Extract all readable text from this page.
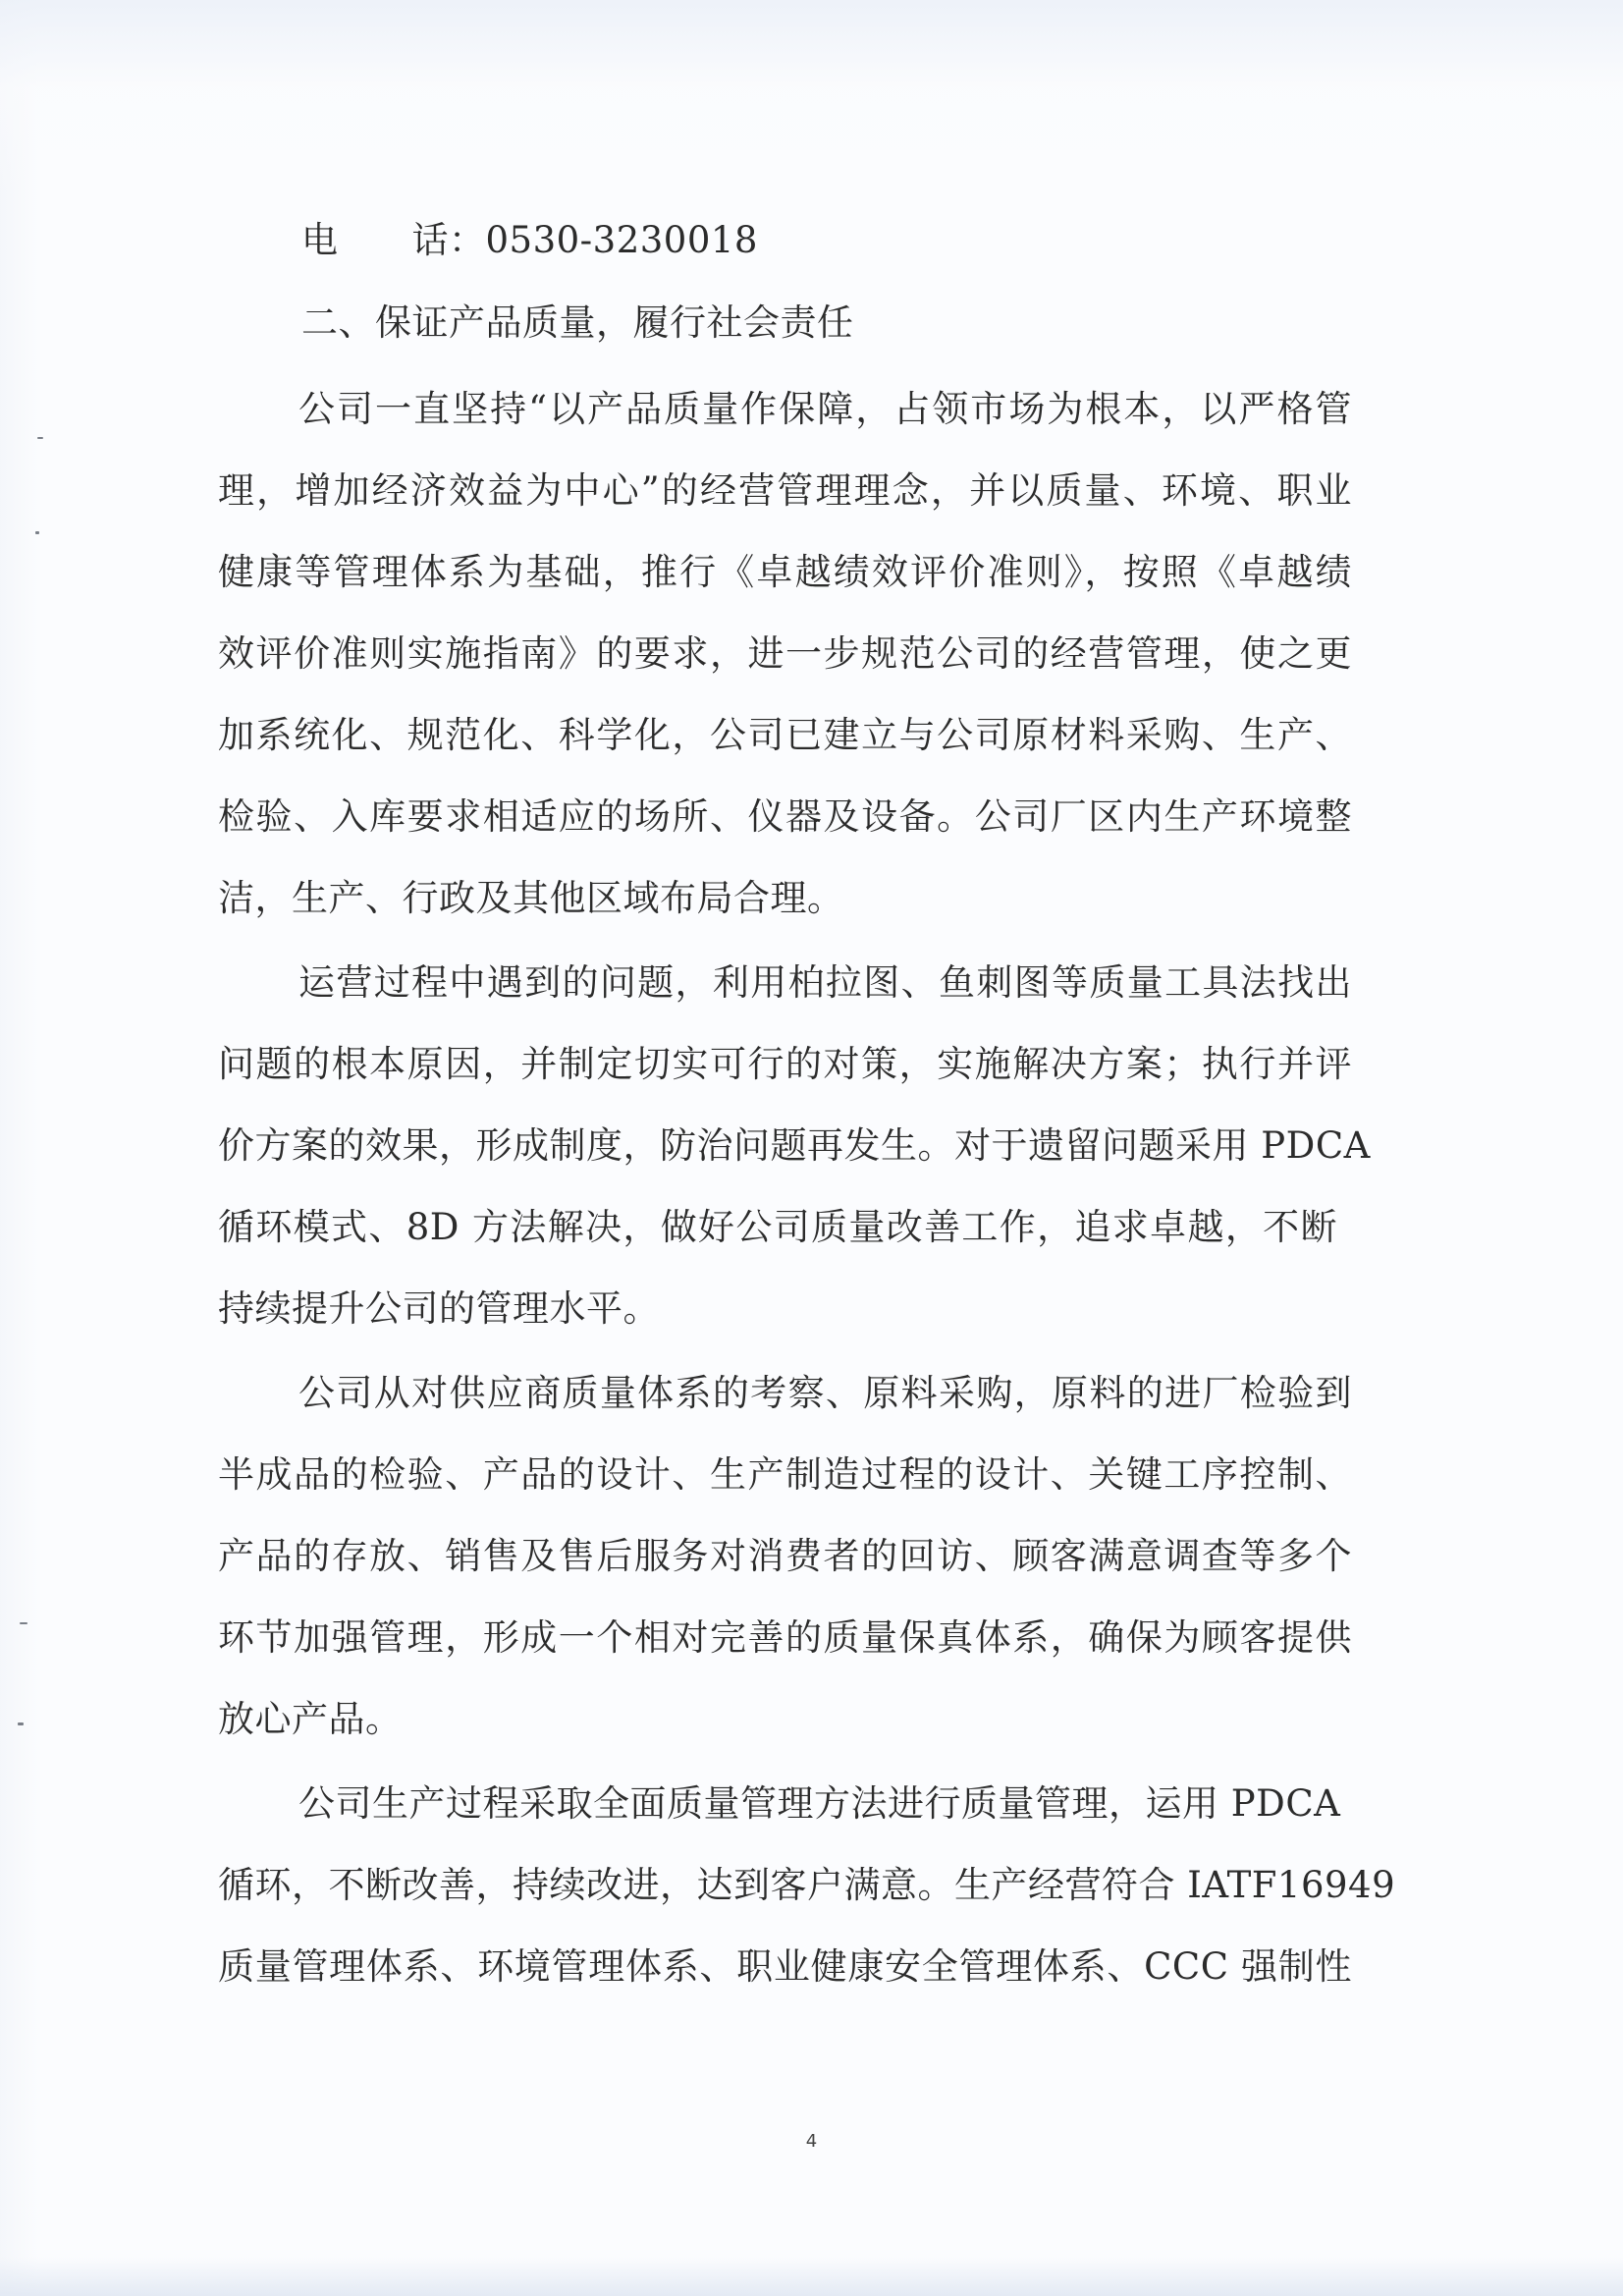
电　　话：0530-3230018
二、保证产品质量，履行社会责任
公司一直坚持“以产品质量作保障，占领市场为根本，以严格管
理，增加经济效益为中心”的经营管理理念，并以质量、环境、职业
健康等管理体系为基础，推行《卓越绩效评价准则》，按照《卓越绩
效评价准则实施指南》的要求，进一步规范公司的经营管理，使之更
加系统化、规范化、科学化，公司已建立与公司原材料采购、生产、
检验、入库要求相适应的场所、仪器及设备。公司厂区内生产环境整
洁，生产、行政及其他区域布局合理。
运营过程中遇到的问题，利用柏拉图、鱼刺图等质量工具法找出
问题的根本原因，并制定切实可行的对策，实施解决方案；执行并评
价方案的效果，形成制度，防治问题再发生。对于遗留问题采用 PDCA
循环模式、8D 方法解决，做好公司质量改善工作，追求卓越，不断
持续提升公司的管理水平。
公司从对供应商质量体系的考察、原料采购，原料的进厂检验到
半成品的检验、产品的设计、生产制造过程的设计、关键工序控制、
产品的存放、销售及售后服务对消费者的回访、顾客满意调查等多个
环节加强管理，形成一个相对完善的质量保真体系，确保为顾客提供
放心产品。
公司生产过程采取全面质量管理方法进行质量管理，运用 PDCA
循环，不断改善，持续改进，达到客户满意。生产经营符合 IATF16949
质量管理体系、环境管理体系、职业健康安全管理体系、CCC 强制性
4
